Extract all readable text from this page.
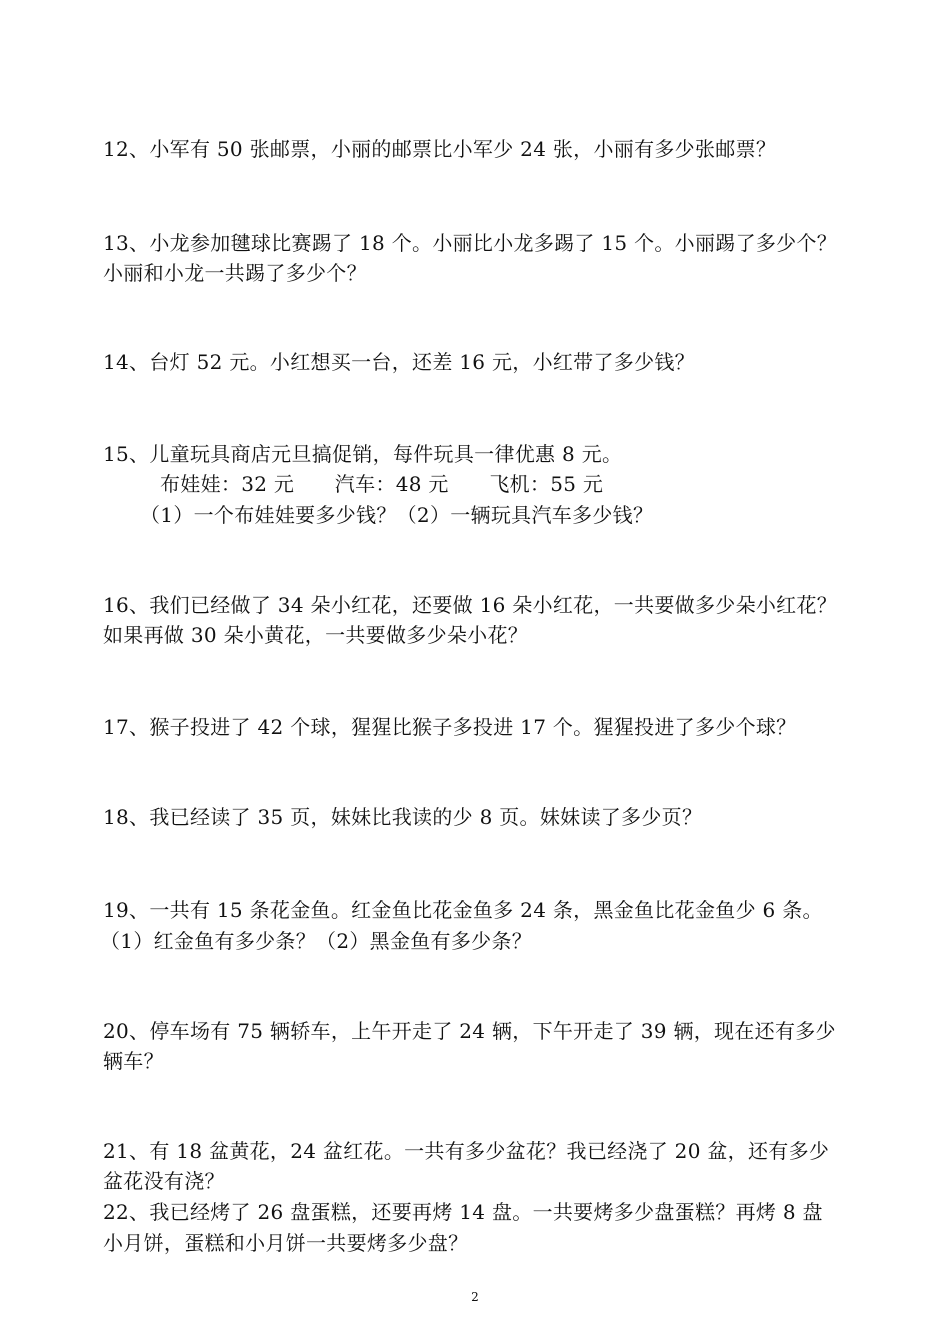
12、小军有 50 张邮票，小丽的邮票比小军少 24 张，小丽有多少张邮票？
13、小龙参加毽球比赛踢了 18 个。小丽比小龙多踢了 15 个。小丽踢了多少个？
小丽和小龙一共踢了多少个？
14、台灯 52 元。小红想买一台，还差 16 元，小红带了多少钱？
15、儿童玩具商店元旦搞促销，每件玩具一律优惠 8 元。
布娃娃：32 元　　汽车：48 元　　飞机：55 元
（1）一个布娃娃要多少钱？（2）一辆玩具汽车多少钱？
16、我们已经做了 34 朵小红花，还要做 16 朵小红花，一共要做多少朵小红花？
如果再做 30 朵小黄花，一共要做多少朵小花？
17、猴子投进了 42 个球，猩猩比猴子多投进 17 个。猩猩投进了多少个球？
18、我已经读了 35 页，妹妹比我读的少 8 页。妹妹读了多少页？
19、一共有 15 条花金鱼。红金鱼比花金鱼多 24 条，黑金鱼比花金鱼少 6 条。
（1）红金鱼有多少条？（2）黑金鱼有多少条？
20、停车场有 75 辆轿车，上午开走了 24 辆，下午开走了 39 辆，现在还有多少
辆车？
21、有 18 盆黄花，24 盆红花。一共有多少盆花？我已经浇了 20 盆，还有多少
盆花没有浇？
22、我已经烤了 26 盘蛋糕，还要再烤 14 盘。一共要烤多少盘蛋糕？再烤 8 盘
小月饼，蛋糕和小月饼一共要烤多少盘？
2
